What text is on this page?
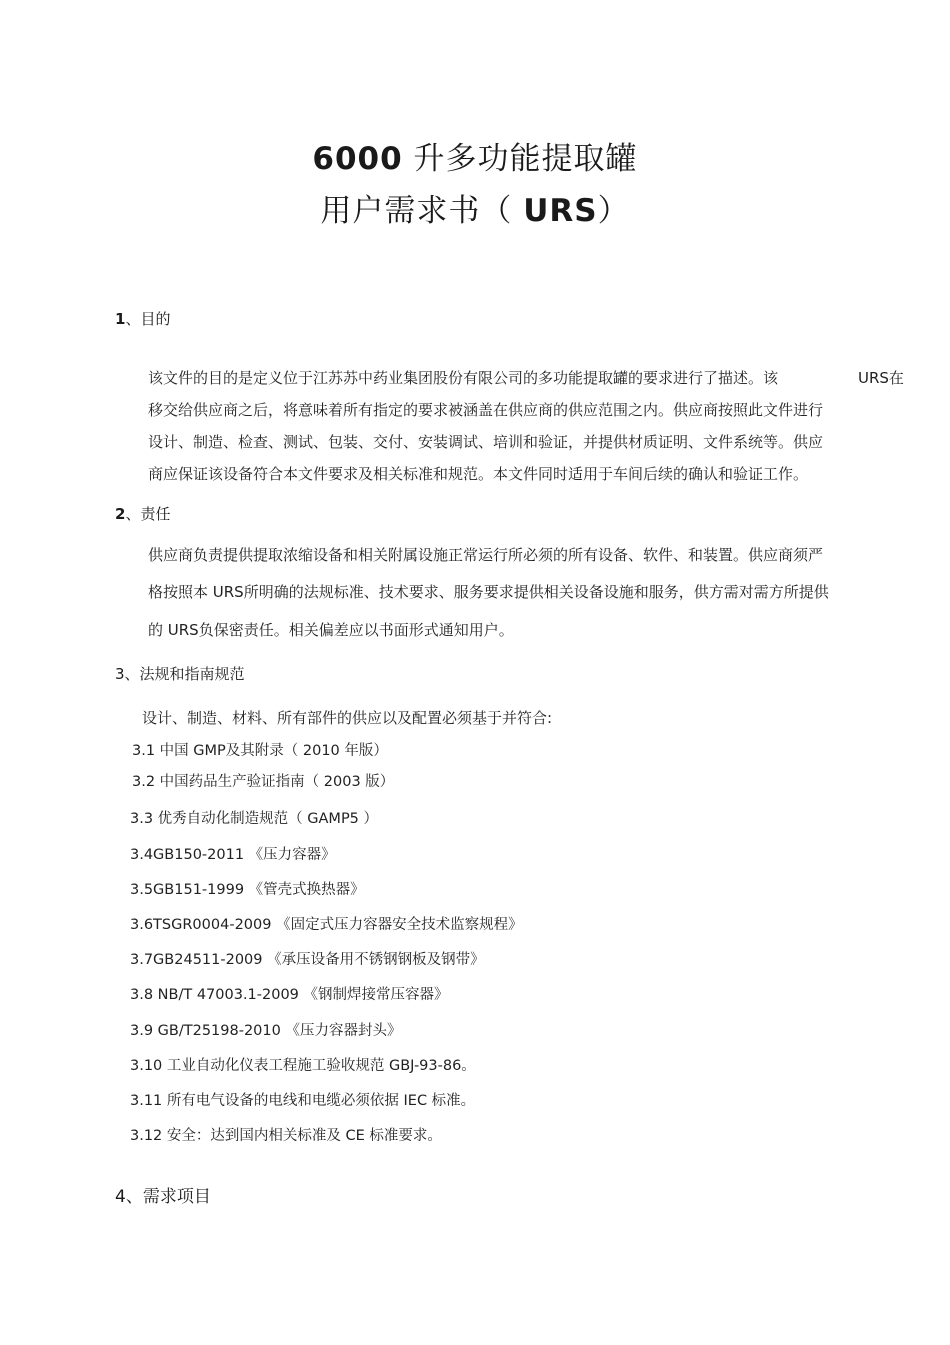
6000 升多功能提取罐
用户需求书（ URS）
1、目的
该文件的目的是定义位于江苏苏中药业集团股份有限公司的多功能提取罐的要求进行了描述。该	URS在
移交给供应商之后，将意味着所有指定的要求被涵盖在供应商的供应范围之内。供应商按照此文件进行
设计、制造、检查、测试、包装、交付、安装调试、培训和验证，并提供材质证明、文件系统等。供应
商应保证该设备符合本文件要求及相关标准和规范。本文件同时适用于车间后续的确认和验证工作。
2、责任
供应商负责提供提取浓缩设备和相关附属设施正常运行所必须的所有设备、软件、和装置。供应商须严
格按照本 URS所明确的法规标准、技术要求、服务要求提供相关设备设施和服务，供方需对需方所提供
的 URS负保密责任。相关偏差应以书面形式通知用户。
3、法规和指南规范
设计、制造、材料、所有部件的供应以及配置必须基于并符合:
3.1 中国 GMP及其附录（ 2010 年版）
3.2 中国药品生产验证指南（ 2003 版）
3.3 优秀自动化制造规范（ GAMP5 ）
3.4GB150-2011 《压力容器》
3.5GB151-1999 《管壳式换热器》
3.6TSGR0004-2009 《固定式压力容器安全技术监察规程》
3.7GB24511-2009 《承压设备用不锈钢钢板及钢带》
3.8 NB/T 47003.1-2009 《钢制焊接常压容器》
3.9 GB/T25198-2010 《压力容器封头》
3.10 工业自动化仪表工程施工验收规范 GBJ-93-86。
3.11 所有电气设备的电线和电缆必须依据 IEC 标准。
3.12 安全：达到国内相关标准及 CE 标准要求。
4、需求项目
